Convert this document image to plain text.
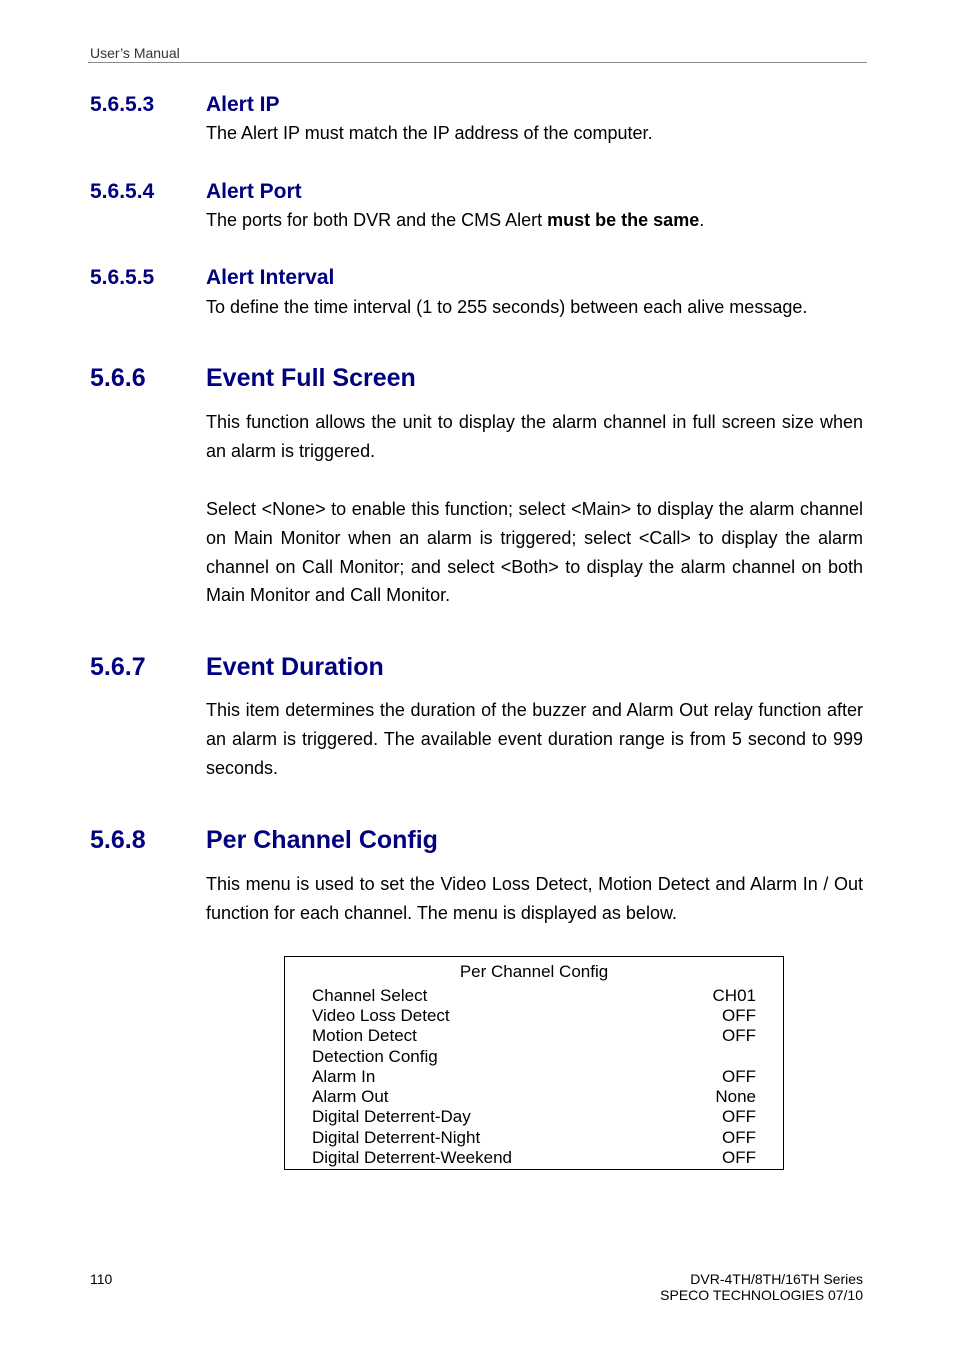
User’s Manual
5.6.5.3 Alert IP

The Alert IP must match the IP address of the computer.

5.6.5.4 Alert Port

The ports for both DVR and the CMS Alert must be the same.

5.6.5.5 Alert Interval

To define the time interval (1 to 255 seconds) between each alive message.

5.6.6 Event Full Screen

This function allows the unit to display the alarm channel in full screen size when an alarm is triggered.

Select <None> to enable this function; select <Main> to display the alarm channel on Main Monitor when an alarm is triggered; select <Call> to display the alarm channel on Call Monitor; and select <Both> to display the alarm channel on both Main Monitor and Call Monitor.

5.6.7 Event Duration

This item determines the duration of the buzzer and Alarm Out relay function after an alarm is triggered. The available event duration range is from 5 second to 999 seconds.

5.6.8 Per Channel Config

This menu is used to set the Video Loss Detect, Motion Detect and Alarm In / Out function for each channel. The menu is displayed as below.

Per Channel Config
Channel Select	CH01
Video Loss Detect	OFF
Motion Detect	OFF
Detection Config
Alarm In	OFF
Alarm Out	None
Digital Deterrent-Day	OFF
Digital Deterrent-Night	OFF
Digital Deterrent-Weekend	OFF
110	DVR-4TH/8TH/16TH Series
SPECO TECHNOLOGIES 07/10
